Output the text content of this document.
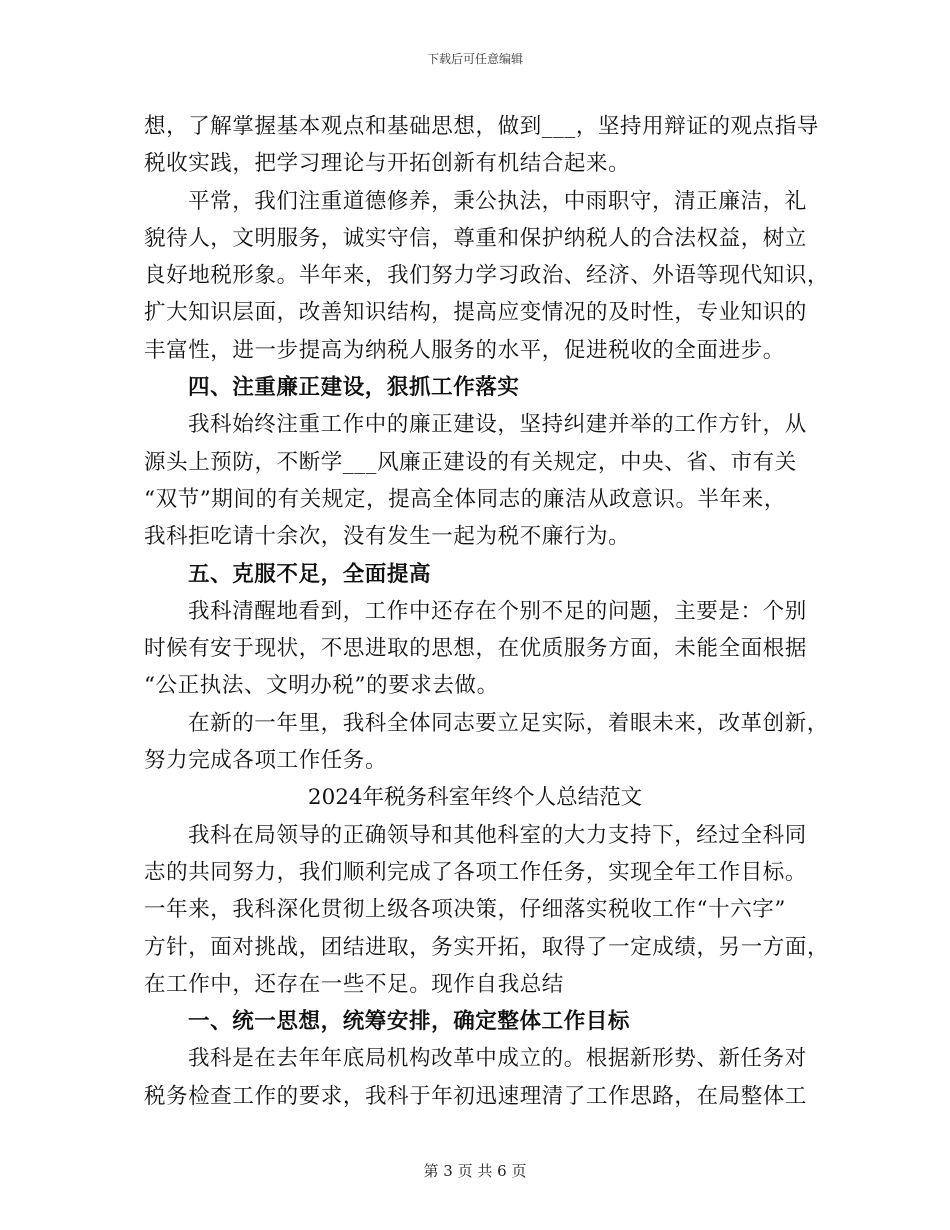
下载后可任意编辑
想，了解掌握基本观点和基础思想，做到___，坚持用辩证的观点指导
税收实践，把学习理论与开拓创新有机结合起来。
平常，我们注重道德修养，秉公执法，中雨职守，清正廉洁，礼
貌待人，文明服务，诚实守信，尊重和保护纳税人的合法权益，树立
良好地税形象。半年来，我们努力学习政治、经济、外语等现代知识，
扩大知识层面，改善知识结构，提高应变情况的及时性，专业知识的
丰富性，进一步提高为纳税人服务的水平，促进税收的全面进步。
四、注重廉正建设，狠抓工作落实
我科始终注重工作中的廉正建设，坚持纠建并举的工作方针，从
源头上预防，不断学___风廉正建设的有关规定，中央、省、市有关
“双节”期间的有关规定，提高全体同志的廉洁从政意识。半年来，
我科拒吃请十余次，没有发生一起为税不廉行为。
五、克服不足，全面提高
我科清醒地看到，工作中还存在个别不足的问题，主要是：个别
时候有安于现状，不思进取的思想，在优质服务方面，未能全面根据
“公正执法、文明办税”的要求去做。
在新的一年里，我科全体同志要立足实际，着眼未来，改革创新，
努力完成各项工作任务。
2024年税务科室年终个人总结范文
我科在局领导的正确领导和其他科室的大力支持下，经过全科同
志的共同努力，我们顺利完成了各项工作任务，实现全年工作目标。
一年来，我科深化贯彻上级各项决策，仔细落实税收工作“十六字”
方针，面对挑战，团结进取，务实开拓，取得了一定成绩，另一方面，
在工作中，还存在一些不足。现作自我总结
一、统一思想，统筹安排，确定整体工作目标
我科是在去年年底局机构改革中成立的。根据新形势、新任务对
税务检查工作的要求，我科于年初迅速理清了工作思路，在局整体工
第 3 页 共 6 页
